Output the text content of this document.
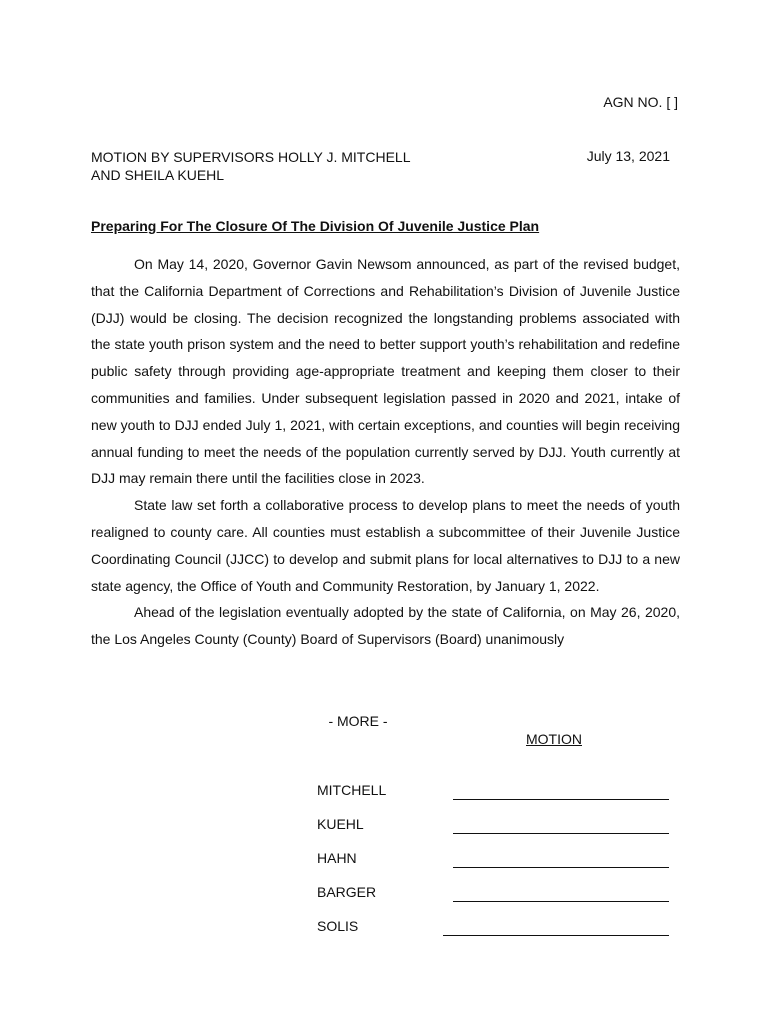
AGN NO. [ ]
MOTION BY SUPERVISORS HOLLY J. MITCHELL
AND SHEILA KUEHL
July 13, 2021
Preparing For The Closure Of The Division Of Juvenile Justice Plan

On May 14, 2020, Governor Gavin Newsom announced, as part of the revised budget, that the California Department of Corrections and Rehabilitation’s Division of Juvenile Justice (DJJ) would be closing. The decision recognized the longstanding problems associated with the state youth prison system and the need to better support youth’s rehabilitation and redefine public safety through providing age-appropriate treatment and keeping them closer to their communities and families. Under subsequent legislation passed in 2020 and 2021, intake of new youth to DJJ ended July 1, 2021, with certain exceptions, and counties will begin receiving annual funding to meet the needs of the population currently served by DJJ. Youth currently at DJJ may remain there until the facilities close in 2023.

State law set forth a collaborative process to develop plans to meet the needs of youth realigned to county care. All counties must establish a subcommittee of their Juvenile Justice Coordinating Council (JJCC) to develop and submit plans for local alternatives to DJJ to a new state agency, the Office of Youth and Community Restoration, by January 1, 2022.

Ahead of the legislation eventually adopted by the state of California, on May 26, 2020, the Los Angeles County (County) Board of Supervisors (Board) unanimously

- MORE -
MOTION
MITCHELL
KUEHL
HAHN
BARGER
SOLIS
